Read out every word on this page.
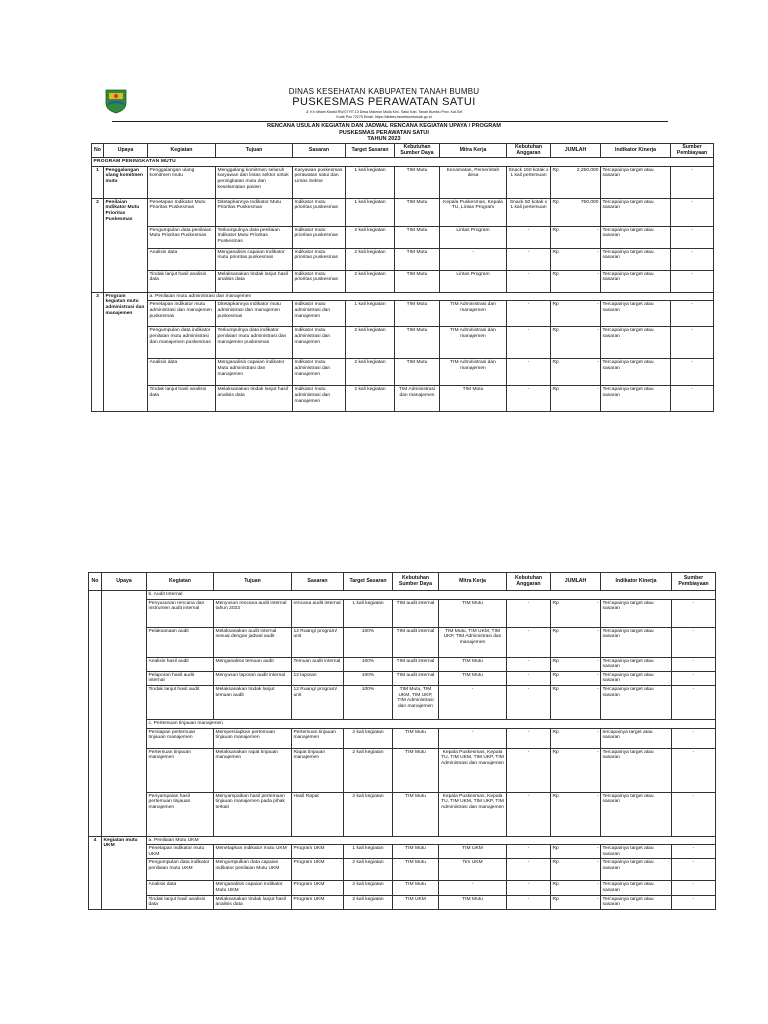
DINAS KESEHATAN KABUPATEN TANAH BUMBU
PUSKESMAS PERAWATAN SATUI
Jl. Kh Idham Khalid RW.07 RT.10 Desa Makmur Mulia Kec. Satui Kab. Tanah Bumbu Prov. Kal-Sel
Kode Pos 72275 Email: https://dinkes.tanahbumbukab.go.id
RENCANA USULAN KEGIATAN DAN JADWAL RENCANA KEGIATAN UPAYA / PROGRAM
PUSKESMAS PERAWATAN SATUI
TAHUN 2023
No	Upaya	Kegiatan	Tujuan	Sasaran	Target Sasaran	Kebutuhan Sumber Daya	Mitra Kerja	Kebutuhan Anggaran	JUMLAH	Indikator Kinerja	Sumber Pembiayaan
PROGRAM PENINGKATAN MUTU											
1	Penggalangan ulang komitmen mutu	Penggalangan ulang komitmen mutu	Menggalang komitmen seluruh karyawan dan lintas sektor untuk peningkatan mutu dan keselamatan pasien	Karyawan puskesmas perawatan satui dan Lintas Sektor	1 kali kegiatan	TIM Mutu	Kecamatan, Pemerintah desa	Snack 150 kotak x 1 kali pertemuan	Rp 2,250,000	Tercapainya target atau sasaran	-
2	Penilaian Indikator Mutu Prioritas Puskesmas	Penetapan Indikator Mutu Prioritas Puskesmas	Ditetapkannya Indikator Mutu Prioritas Puskesmas	Indikator mutu prioritas puskesmas	1 kali kegiatan	TIM Mutu	Kepala Puskesmas, Kepala TU, Lintas Program	Snack 50 kotak x 1 kali pertemuan	Rp 750,000	Tercapainya target atau sasaran	-
		Pengumpulan data penilaian Mutu Prioritas Puskesmas	Terkumpulnya data penilaian Indikator Mutu Prioritas Puskesmas	Indikator mutu prioritas puskesmas	2 kali kegiatan	TIM Mutu	Lintas Program	-	Rp -	Tercapainya target atau sasaran	-
		Analisis data	Menganalisis capaian Indikator mutu prioritas puskesmas	Indikator mutu prioritas puskesmas	2 kali kegiatan	TIM Mutu	-	-	Rp -	Tercapainya target atau sasaran	-
		Tindak lanjut hasil analisis data	Melaksanakan tindak lanjut hasil analisis data	Indikator mutu prioritas puskesmas	2 kali kegiatan	TIM Mutu	Lintas Program	-	Rp -	Tercapainya target atau sasaran	-
3	Program kegiatan mutu administrasi dan manajemen	a. Penilaian mutu administrasi dan manajemen									
		Penetapan indikator mutu administrasi dan manajemen puskesmas	Ditetapkannya indikator mutu administrasi dan manajemen puskesmas	Indikator mutu administrasi dan manajemen	1 kali kegiatan	TIM Mutu	TIM Administrasi dan manajemen	-	Rp -	Tercapainya target atau sasaran	-
		Pengumpulan data indikator penilaian mutu administrasi dan manajemen puskesmas	Terkumpulnya data indikator penilaian mutu administrasi dan manajemen puskesmas	Indikator mutu administrasi dan manajemen	2 kali kegiatan	TIM Mutu	TIM Administrasi dan manajemen	-	Rp -	Tercapainya target atau sasaran	-
		Analisis data	Menganalisis capaian indikator Mutu administrasi dan manajemen	Indikator mutu administrasi dan manajemen	2 kali kegiatan	TIM Mutu	TIM Administrasi dan manajemen	-	Rp -	Tercapainya target atau sasaran	-
		Tindak lanjut hasil analisis data	Melaksanakan tindak lanjut hasil analisis data	Indikator mutu administrasi dan manajemen	2 kali kegiatan	TIM Administrasi dan manajemen	TIM Mutu	-	Rp -	Tercapainya target atau sasaran	-
No	Upaya	Kegiatan	Tujuan	Sasaran	Target Sasaran	Kebutuhan Sumber Daya	Mitra Kerja	Kebutuhan Anggaran	JUMLAH	Indikator Kinerja	Sumber Pembiayaan
		b. Audit Internal									
		Penyusunan rencana dan instrumen audit internal	Menyusun rencana audit internal tahun 2023	rencana audit internal	1 kali kegiatan	TIM audit internal	TIM Mutu	-	Rp -	Tercapainya target atau sasaran	-
		Pelaksanaan audit	Melaksanakan audit internal sesuai dengan jadwal audit	12 Ruang/ program/ unit	100%	TIM audit internal	TIM Mutu, TIM UKM, TIM UKP, TIM Administrasi dan manajemen	-	Rp -	Tercapainya target atau sasaran	-
		Analisis hasil audit	Menganalisis temuan audit	Temuan audit internal	100%	TIM audit internal	TIM Mutu	-	Rp -	Tercapainya target atau sasaran	-
		Pelaporan hasil audit internal	Menyusun laporan audit internal	12 laporan	100%	TIM audit internal	TIM Mutu	-	Rp -	Tercapainya target atau sasaran	-
		Tindak lanjut hasil audit	Melaksanakan tindak lanjut temuan audit	12 Ruang/ program/ unit	100%	TIM Mutu, TIM UKM, TIM UKP, TIM Administrasi dan manajemen	-	-	Rp -	Tercapainya target atau sasaran	-
		c. Pertemuan tinjauan manajemen									
		Persiapan pertemuan tinjauan manajemen	Mempersiapkan pertemuan tinjauan manajemen	Pertemuan tinjauan manajemen	2 kali kegiatan	TIM Mutu	-	-	Rp -	tercapainya target atau sasaran	-
		Pertemuan tinjauan manajemen	Melaksanakan rapat tinjauan manajemen	Rapat tinjauan manajemen	2 kali kegiatan	TIM Mutu	Kepala Puskesmas, Kepala TU, TIM UKM, TIM UKP, TIM Administrasi dan manajemen	-	Rp -	Tercapainya target atau sasaran	-
		Penyampaian hasil pertemuan tinjauan manajemen	Menyampaikan hasil pertemuan tinjauan manajemen pada pihak terkait	Hasil Rapat	2 kali kegiatan	TIM Mutu	Kepala Puskesmas, Kepala TU, TIM UKM, TIM UKP, TIM Administrasi dan manajemen	-	Rp -	Tercapainya target atau sasaran	-

4	Kegiatan mutu UKM	a. Penilaian Mutu UKM									
		Penetapan indikator mutu UKM	Menetapkan indikator mutu UKM	Program UKM	1 kali kegiatan	TIM Mutu	TIM UKM	-	Rp -	Tercapainya target atau sasaran	-
		Pengumpulan data indikator penilaian mutu UKM	Mengumpulkan data capaian indikator penilaian Mutu UKM	Program UKM	2 kali kegiatan	TIM Mutu	Tim UKM	-	Rp -	Tercapainya target atau sasaran	-
		Analisis data	Menganalisis capaian Indikator Mutu UKM	Program UKM	2 kali kegiatan	TIM Mutu	-	-	Rp -	Tercapainya target atau sasaran	-
		Tindak lanjut hasil analisis data	Melaksanakan tindak lanjut hasil analisis data	Program UKM	2 kali kegiatan	TIM UKM	TIM Mutu	-	Rp -	Tercapainya target atau sasaran	-
